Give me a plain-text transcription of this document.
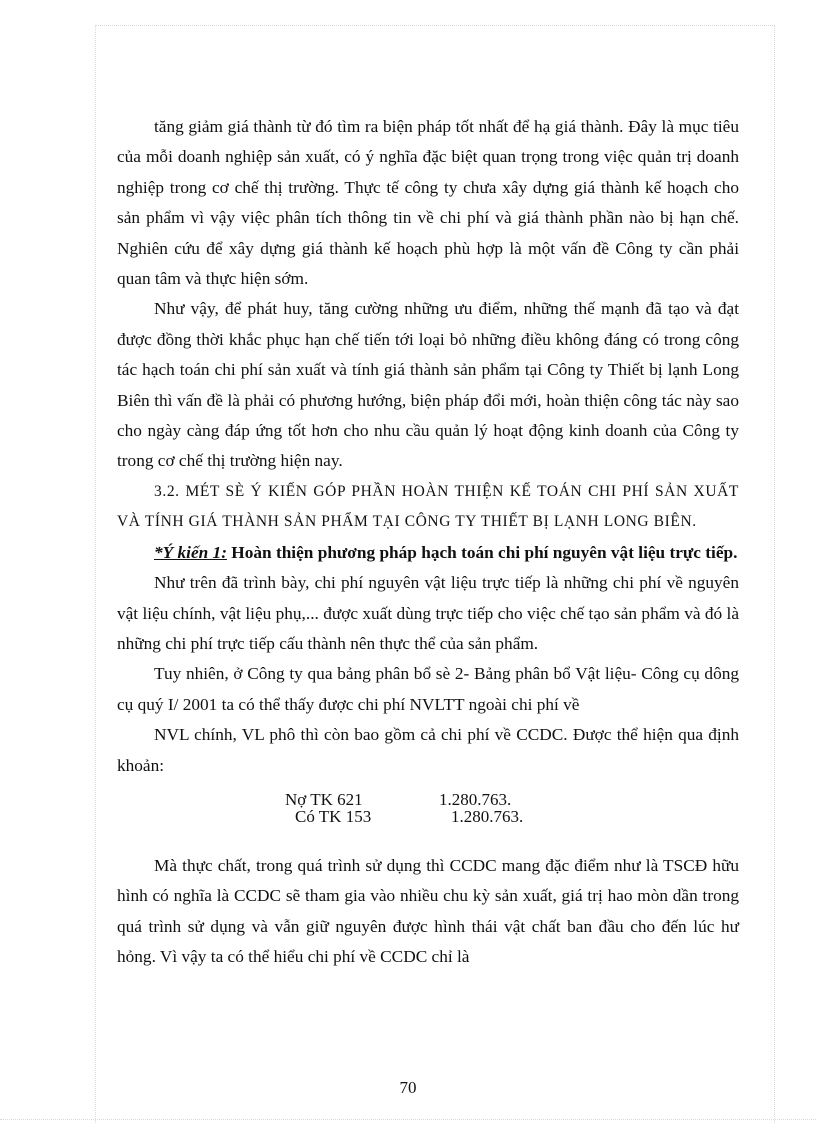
tăng giảm giá thành từ đó tìm ra biện pháp tốt nhất để hạ giá thành. Đây là mục tiêu của mỗi doanh nghiệp sản xuất, có ý nghĩa đặc biệt quan trọng trong việc quản trị doanh nghiệp trong cơ chế thị trường. Thực tế công ty chưa xây dựng giá thành kế hoạch cho sản phẩm vì vậy việc phân tích thông tin về chi phí và giá thành phần nào bị hạn chế. Nghiên cứu để xây dựng giá thành kế hoạch phù hợp là một vấn đề Công ty cần phải quan tâm và thực hiện sớm.

Như vậy, để phát huy, tăng cường những ưu điểm, những thế mạnh đã tạo và đạt được đồng thời khắc phục hạn chế tiến tới loại bỏ những điều không đáng có trong công tác hạch toán chi phí sản xuất và tính giá thành sản phẩm tại Công ty Thiết bị lạnh Long Biên thì vấn đề là phải có phương hướng, biện pháp đổi mới, hoàn thiện công tác này sao cho ngày càng đáp ứng tốt hơn cho nhu cầu quản lý hoạt động kinh doanh của Công ty trong cơ chế thị trường hiện nay.

3.2. MÉT SÈ Ý KIẾN GÓP PHẦN HOÀN THIỆN KẾ TOÁN CHI PHÍ SẢN XUẤT VÀ TÍNH GIÁ THÀNH SẢN PHẨM TẠI CÔNG TY THIẾT BỊ LẠNH LONG BIÊN.

*Ý kiến 1: Hoàn thiện phương pháp hạch toán chi phí nguyên vật liệu trực tiếp.

Như trên đã trình bày, chi phí nguyên vật liệu trực tiếp là những chi phí về nguyên vật liệu chính, vật liệu phụ,... được xuất dùng trực tiếp cho việc chế tạo sản phẩm và đó là những chi phí trực tiếp cấu thành nên thực thể của sản phẩm.

Tuy nhiên, ở Công ty qua bảng phân bổ sè 2- Bảng phân bổ Vật liệu- Công cụ dông cụ quý I/ 2001 ta có thể thấy được chi phí NVLTT ngoài chi phí về

NVL chính, VL phô thì còn bao gồm cả chi phí về CCDC. Được thể hiện qua định khoản:

Nợ TK 621	1.280.763.
Có TK 153	1.280.763.

Mà thực chất, trong quá trình sử dụng thì CCDC mang đặc điểm như là TSCĐ hữu hình có nghĩa là CCDC sẽ tham gia vào nhiều chu kỳ sản xuất, giá trị hao mòn dần trong quá trình sử dụng và vẫn giữ nguyên được hình thái vật chất ban đầu cho đến lúc hư hỏng. Vì vậy ta có thể hiểu chi phí về CCDC chỉ là

70
